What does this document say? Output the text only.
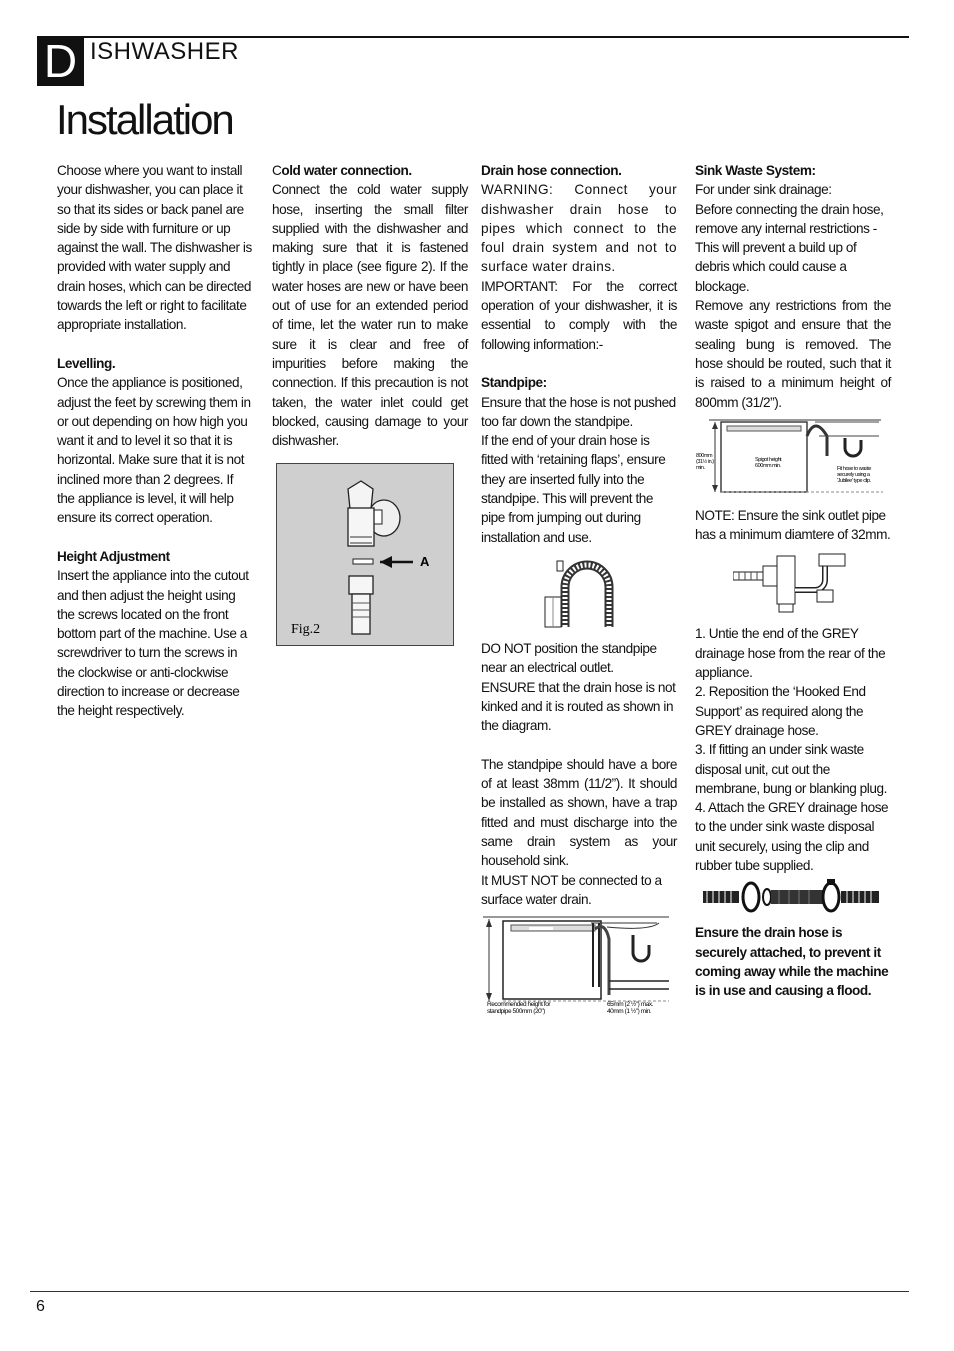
D ISHWASHER
Installation

Choose where you want to install your dishwasher, you can place it so that its sides or back panel are side by side with furniture or up against the wall. The dishwasher is provided with water supply and drain hoses, which can be directed towards the left or right to facilitate appropriate installation.

Levelling.

Once the appliance is positioned, adjust the feet by screwing them in or out depending on how high you want it and to level it so that it is horizontal. Make sure that it is not inclined more than 2 degrees. If the appliance is level, it will help ensure its correct operation.

Height Adjustment

Insert the appliance into the cutout and then adjust the height using the screws located on the front bottom part of the machine. Use a screwdriver to turn the screws in the clockwise or anti-clockwise direction to increase or decrease the height respectively.

Cold water connection.

Connect the cold water supply hose, inserting the small filter supplied with the dishwasher and making sure that it is fastened tightly in place (see figure 2). If the water hoses are new or have been out of use for an extended period of time, let the water run to make sure it is clear and free of impurities before making the connection. If this precaution is not taken, the water inlet could get blocked, causing damage to your dishwasher.

A
Fig.2

Drain hose connection.

WARNING: Connect your dishwasher drain hose to pipes which connect to the foul drain system and not to surface water drains.

IMPORTANT: For the correct operation of your dishwasher, it is essential to comply with the following information:-

Standpipe:

Ensure that the hose is not pushed too far down the standpipe.

If the end of your drain hose is fitted with ‘retaining flaps’, ensure they are inserted fully into the standpipe. This will prevent the pipe from jumping out during installation and use.

DO NOT position the standpipe near an electrical outlet.

ENSURE that the drain hose is not kinked and it is routed as shown in the diagram.

The standpipe should have a bore of at least 38mm (11/2”). It should be installed as shown, have a trap fitted and must discharge into the same drain system as your household sink.

It MUST NOT be connected to a surface water drain.

Recommended height for
standpipe 500mm (20")
65mm (2 ½") max.
40mm (1 ½") min.

Sink Waste System:

For under sink drainage:

Before connecting the drain hose, remove any internal restrictions - This will prevent a build up of debris which could cause a blockage.

Remove any restrictions from the waste spigot and ensure that the sealing bung is removed. The hose should be routed, such that it is raised to a minimum height of 800mm (31/2”).

800mm
(31½ in.)
min.
Spigot height
600mm min.	Fit hose to waste
securely using a
'Jubilee' type clip.

NOTE: Ensure the sink outlet pipe has a minimum diamtere of 32mm.

1. Untie the end of the GREY drainage hose from the rear of the appliance.

2. Reposition the ‘Hooked End Support’ as required along the GREY drainage hose.

3. If fitting an under sink waste disposal unit, cut out the membrane, bung or blanking plug.

4. Attach the GREY drainage hose to the under sink waste disposal unit securely, using the clip and rubber tube supplied.

Ensure the drain hose is securely attached, to prevent it coming away while the machine is in use and causing a flood.

6
